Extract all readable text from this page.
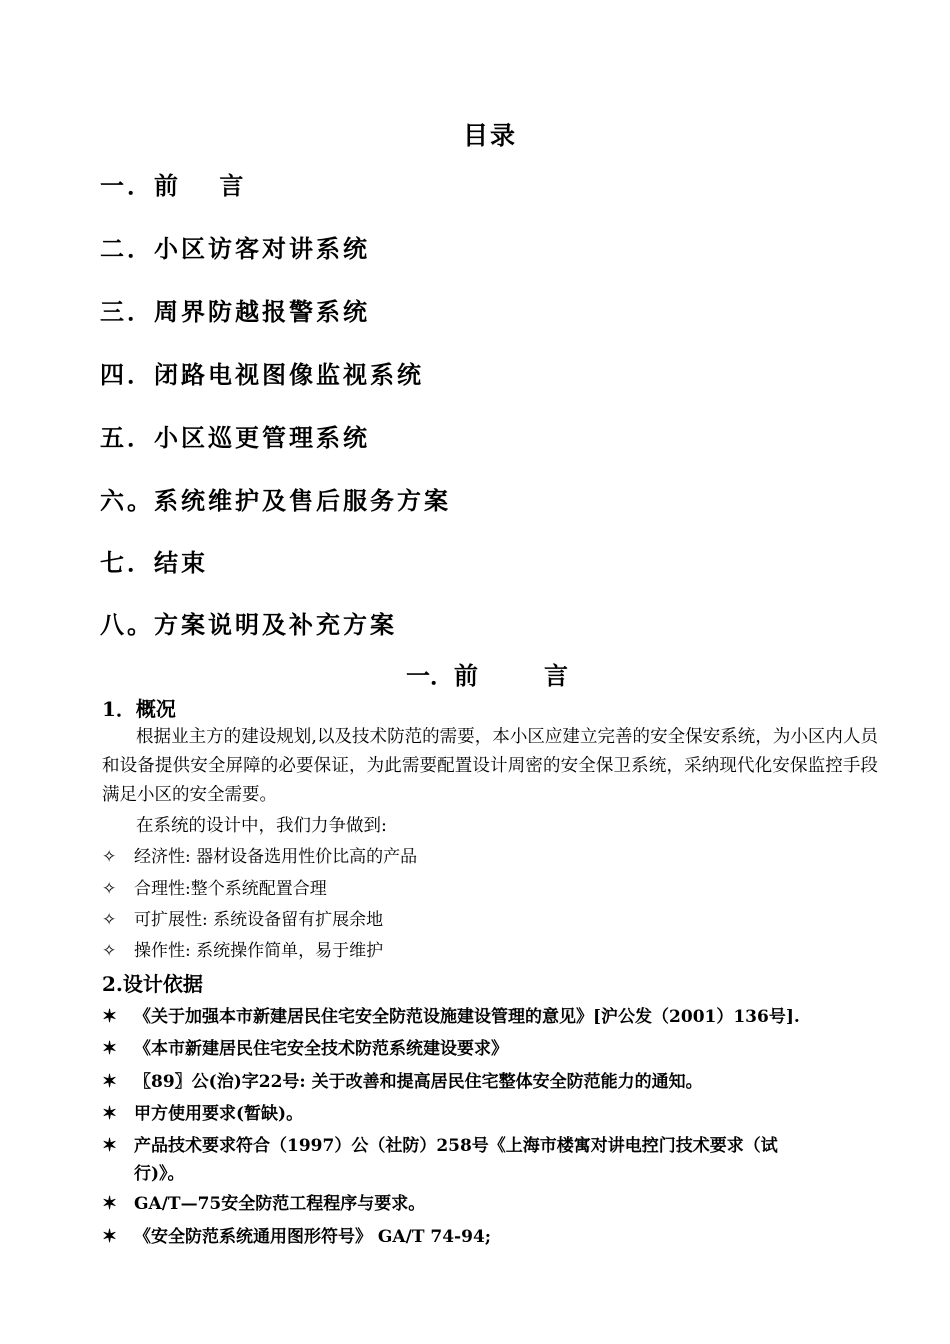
目录
一．前　 言
二．小区访客对讲系统
三．周界防越报警系统
四．闭路电视图像监视系统
五．小区巡更管理系统
六。系统维护及售后服务方案
七．结束
八。方案说明及补充方案
一．前	言
1．概况
根据业主方的建设规划,以及技术防范的需要，本小区应建立完善的安全保安系统，为小区内人员和设备提供安全屏障的必要保证，为此需要配置设计周密的安全保卫系统，采纳现代化安保监控手段满足小区的安全需要。
在系统的设计中，我们力争做到:
✧ 经济性: 器材设备选用性价比高的产品
✧ 合理性:整个系统配置合理
✧ 可扩展性: 系统设备留有扩展余地
✧ 操作性: 系统操作简单，易于维护
2.设计依据
✶ 《关于加强本市新建居民住宅安全防范设施建设管理的意见》[沪公发（2001）136号].
✶ 《本市新建居民住宅安全技术防范系统建设要求》
✶ 〖89〗公(治)字22号: 关于改善和提高居民住宅整体安全防范能力的通知。
✶ 甲方使用要求(暂缺)。
✶ 产品技术要求符合（1997）公（社防）258号《上海市楼寓对讲电控门技术要求（试
行)》。
✶ GA/T—75安全防范工程程序与要求。
✶ 《安全防范系统通用图形符号》 GA/T 74-94;
